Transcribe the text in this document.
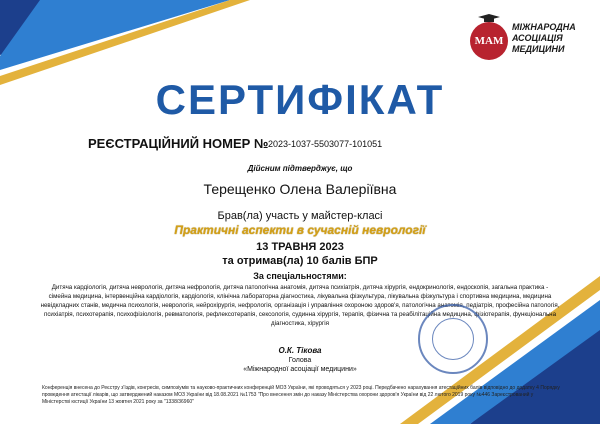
МАМ
МІЖНАРОДНА
АСОЦІАЦІЯ
МЕДИЦИНИ
СЕРТИФІКАТ
РЕЄСТРАЦІЙНИЙ НОМЕР № 2023-1037-5503077-101051
Дійсним підтверджує, що
Терещенко Олена Валеріївна
Брав(ла) участь у майстер-класі
Практичні аспекти в сучасній неврології
13 ТРАВНЯ 2023
та отримав(ла) 10 балів БПР
За спеціальностями:
Дитяча кардіологія, дитяча неврологія, дитяча нефрологія, дитяча патологічна анатомія, дитяча психіатрія, дитяча хірургія, ендокринологія, ендоскопія, загальна практика - сімейна медицина, інтервенційна кардіологія, кардіологія, клінічна лабораторна діагностика, лікувальна фізкультура, лікувальна фізкультура і спортивна медицина, медицина невідкладних станів, медична психологія, неврологія, нейрохірургія, нефрологія, організація і управління охороною здоров'я, патологічна анатомія, педіатрія, професійна патологія, психіатрія, психотерапія, психофізіологія, ревматологія, рефлексотерапія, сексологія, судинна хірургія, терапія, фізична та реабілітаційна медицина, фізіотерапія, функціональна діагностика, хірургія
О.К. Тікова
Голова
«Міжнародної асоціації медицини»
Конференція внесена до Реєстру з'їздів, конгресів, симпозіумів та науково-практичних конференцій МОЗ України, які проводяться у 2023 році. Передбачено нарахування атестаційних балів відповідно до додатку 4 Порядку проведення атестації лікарів, що затверджений наказом МОЗ України від 18.08.2021 №1753 "Про внесення змін до наказу Міністерства охорони здоров'я України від 22 лютого 2019 року №446 Зареєстрований у Міністерстві юстиції України 13 жовтня 2021 року за "1338/36960"
